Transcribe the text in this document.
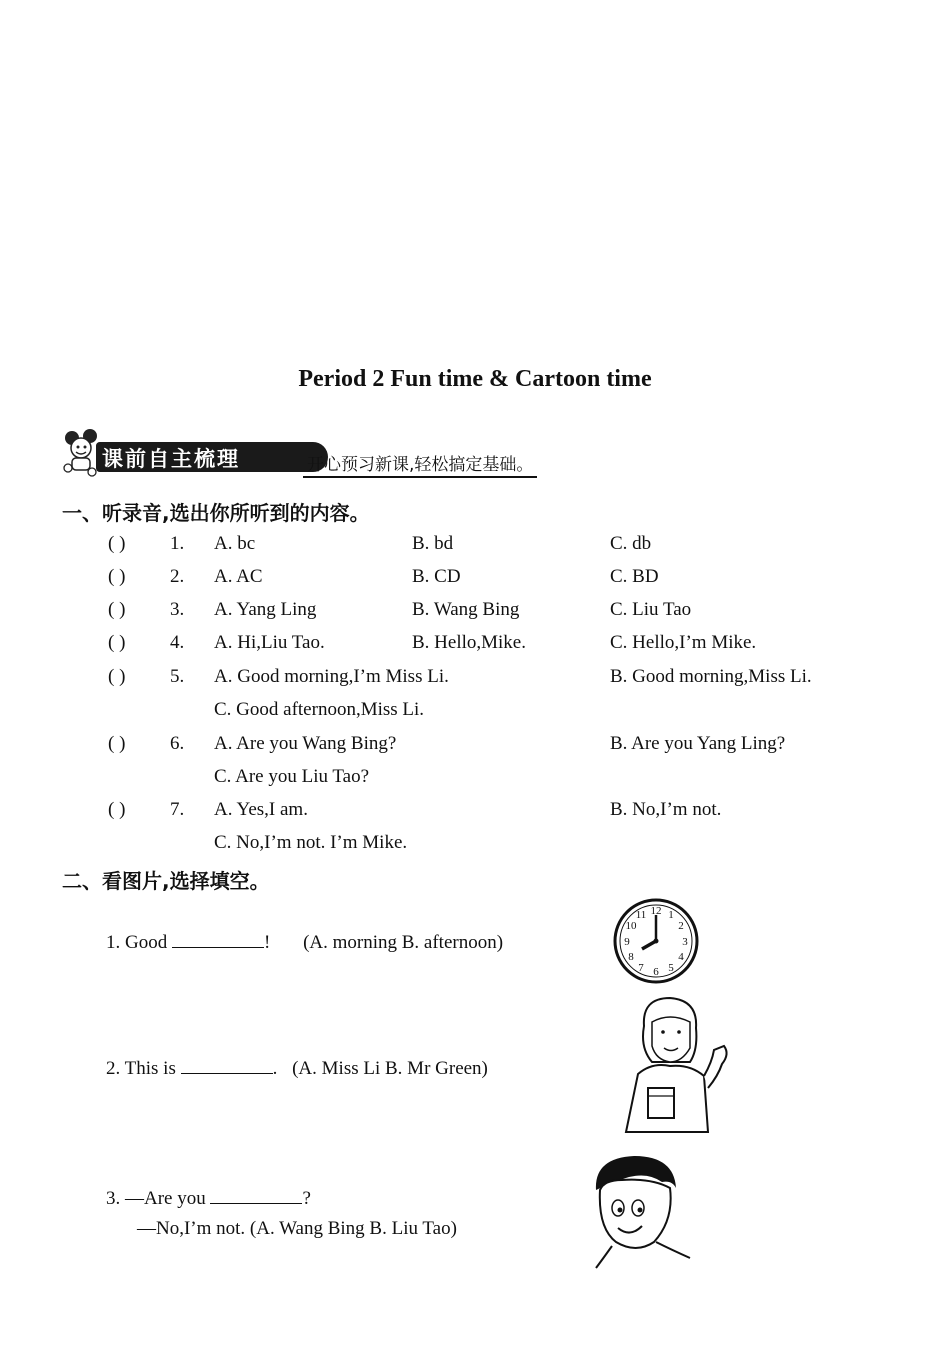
Period 2 Fun time & Cartoon time
课前自主梳理	开心预习新课,轻松搞定基础。
一、听录音,选出你所听到的内容。
( ) 1. A. bc	B. bd	C. db
( ) 2. A. AC	B. CD	C. BD
( ) 3. A. Yang Ling	B. Wang Bing	C. Liu Tao
( ) 4. A. Hi,Liu Tao.	B. Hello,Mike.	C. Hello,I’m Mike.
( ) 5. A. Good morning,I’m Miss Li.	B. Good morning,Miss Li.
C. Good afternoon,Miss Li.
( ) 6. A. Are you Wang Bing?	B. Are you Yang Ling?
C. Are you Liu Tao?
( ) 7. A. Yes,I am.	B. No,I’m not.
C. No,I’m not. I’m Mike.
二、看图片,选择填空。
1. Good	! (A. morning B. afternoon)
12 1
2
3
4
5
6
7
8
9
10
11
2. This is	. (A. Miss Li B. Mr Green)
3. —Are you	?
—No,I’m not. (A. Wang Bing B. Liu Tao)
